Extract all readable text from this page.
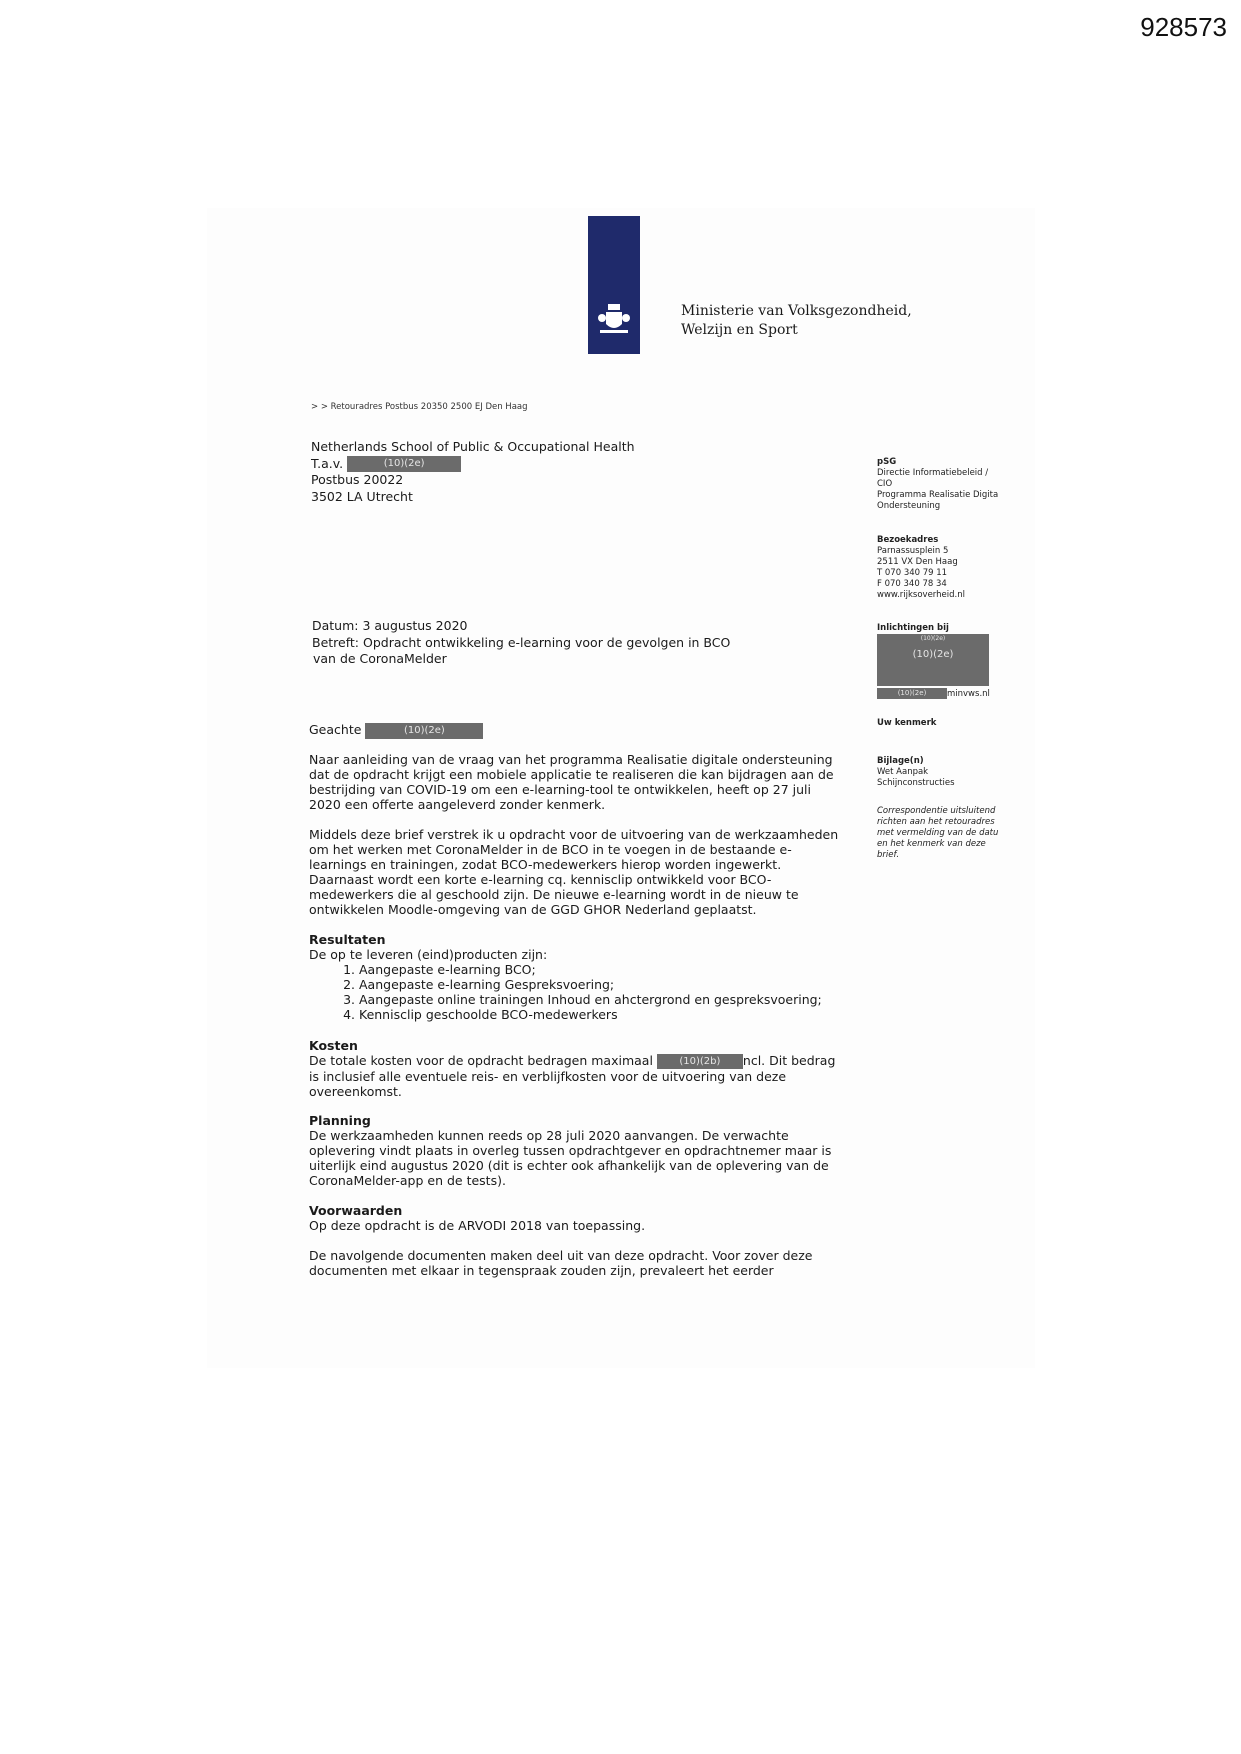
928573
Ministerie van Volksgezondheid,
Welzijn en Sport
> > Retouradres Postbus 20350 2500 EJ Den Haag
Netherlands School of Public & Occupational Health
T.a.v.	(10)(2e)
Postbus 20022
3502 LA Utrecht
pSG
Directie Informatiebeleid /
CIO
Programma Realisatie Digita
Ondersteuning
Bezoekadres
Parnassusplein 5
2511 VX Den Haag
T 070 340 79 11
F 070 340 78 34
www.rijksoverheid.nl
Inlichtingen bij
(10)(2e)
(10)(2e)
(10)(2e) minvws.nl
Uw kenmerk
Bijlage(n)
Wet Aanpak
Schijnconstructies
Correspondentie uitsluitend
richten aan het retouradres
met vermelding van de datu
en het kenmerk van deze
brief.
Datum: 3 augustus 2020
Betreft: Opdracht ontwikkeling e-learning voor de gevolgen in BCO
van de CoronaMelder
Geachte	(10)(2e)

Naar aanleiding van de vraag van het programma Realisatie digitale ondersteuning

dat de opdracht krijgt een mobiele applicatie te realiseren die kan bijdragen aan de

bestrijding van COVID-19 om een e-learning-tool te ontwikkelen, heeft op 27 juli

2020 een offerte aangeleverd zonder kenmerk.

Middels deze brief verstrek ik u opdracht voor de uitvoering van de werkzaamheden

om het werken met CoronaMelder in de BCO in te voegen in de bestaande e-

learnings en trainingen, zodat BCO-medewerkers hierop worden ingewerkt.

Daarnaast wordt een korte e-learning cq. kennisclip ontwikkeld voor BCO-

medewerkers die al geschoold zijn. De nieuwe e-learning wordt in de nieuw te

ontwikkelen Moodle-omgeving van de GGD GHOR Nederland geplaatst.

Resultaten

De op te leveren (eind)producten zijn:

1. Aangepaste e-learning BCO;
2. Aangepaste e-learning Gespreksvoering;
3. Aangepaste online trainingen Inhoud en ahctergrond en gespreksvoering;
4. Kennisclip geschoolde BCO-medewerkers

Kosten

De totale kosten voor de opdracht bedragen maximaal	(10)(2b) ncl. Dit bedrag

is inclusief alle eventuele reis- en verblijfkosten voor de uitvoering van deze

overeenkomst.

Planning

De werkzaamheden kunnen reeds op 28 juli 2020 aanvangen. De verwachte

oplevering vindt plaats in overleg tussen opdrachtgever en opdrachtnemer maar is

uiterlijk eind augustus 2020 (dit is echter ook afhankelijk van de oplevering van de

CoronaMelder-app en de tests).

Voorwaarden

Op deze opdracht is de ARVODI 2018 van toepassing.

De navolgende documenten maken deel uit van deze opdracht. Voor zover deze

documenten met elkaar in tegenspraak zouden zijn, prevaleert het eerder
